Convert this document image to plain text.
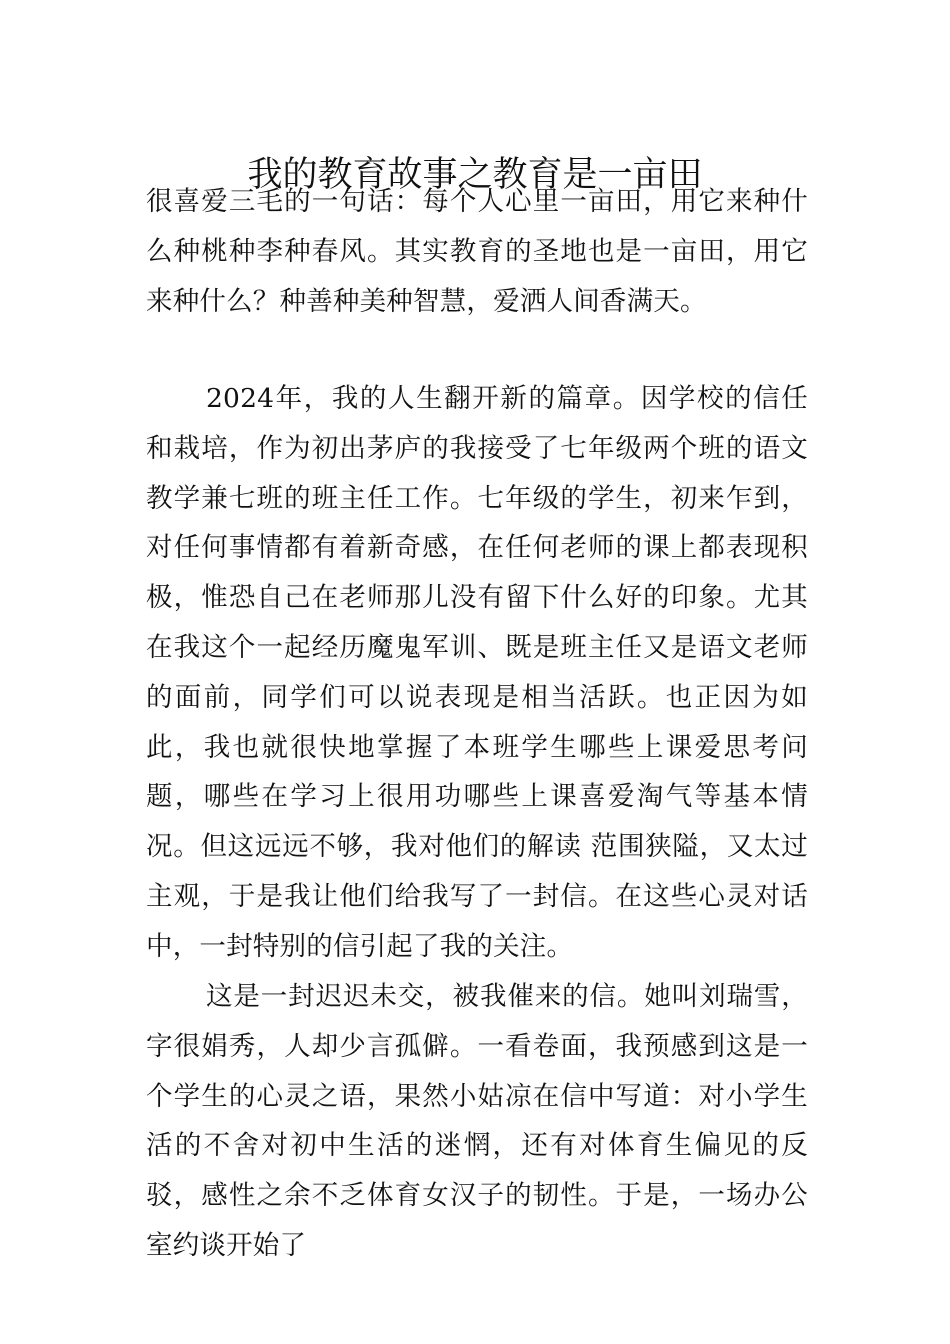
我的教育故事之教育是一亩田

很喜爱三毛的一句话：每个人心里一亩田，用它来种什么种桃种李种春风。其实教育的圣地也是一亩田，用它来种什么？种善种美种智慧，爱洒人间香满天。

2024年，我的人生翻开新的篇章。因学校的信任和栽培，作为初出茅庐的我接受了七年级两个班的语文教学兼七班的班主任工作。七年级的学生，初来乍到，对任何事情都有着新奇感，在任何老师的课上都表现积极，惟恐自己在老师那儿没有留下什么好的印象。尤其在我这个一起经历魔鬼军训、既是班主任又是语文老师的面前，同学们可以说表现是相当活跃。也正因为如此，我也就很快地掌握了本班学生哪些上课爱思考问题，哪些在学习上很用功哪些上课喜爱淘气等基本情况。但这远远不够，我对他们的解读 范围狭隘，又太过主观，于是我让他们给我写了一封信。在这些心灵对话中，一封特别的信引起了我的关注。

这是一封迟迟未交，被我催来的信。她叫刘瑞雪，字很娟秀，人却少言孤僻。一看卷面，我预感到这是一个学生的心灵之语，果然小姑凉在信中写道：对小学生活的不舍对初中生活的迷惘，还有对体育生偏见的反驳，感性之余不乏体育女汉子的韧性。于是，一场办公室约谈开始了
